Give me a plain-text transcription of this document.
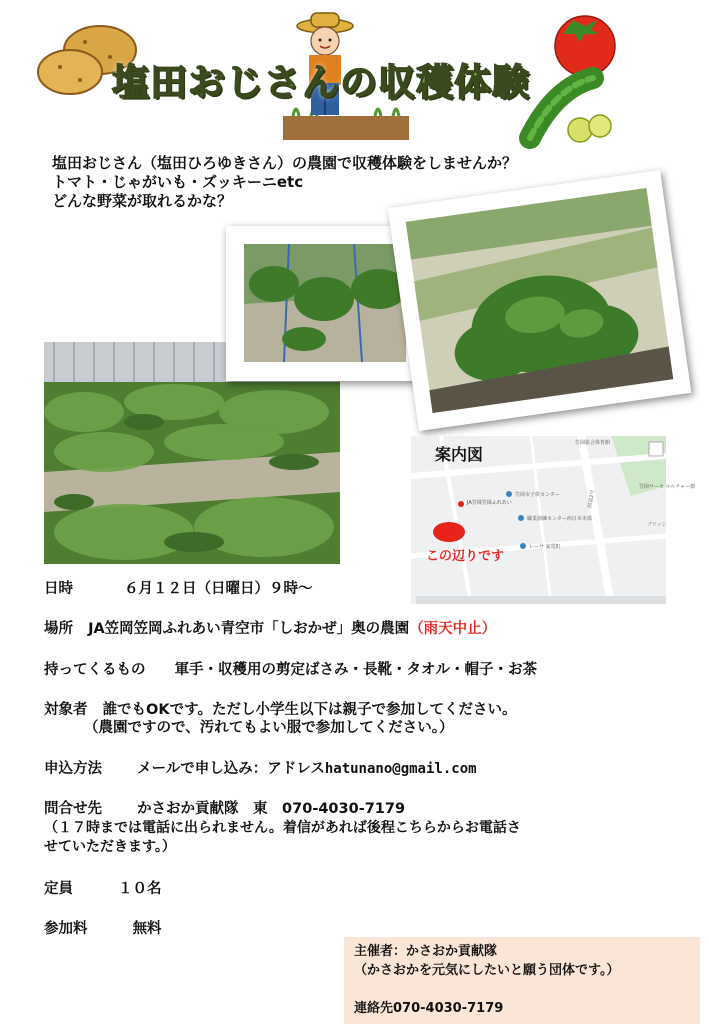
塩田おじさんの収穫体験
塩田おじさん（塩田ひろゆきさん）の農園で収穫体験をしませんか？
トマト・じゃがいも・ズッキーニetc
どんな野菜が取れるかな？
笠岡総合体育館
JA笠岡笠岡ふれあい
笠岡市子供センター
職業訓練センター西日本本部
レーサ 家電町
国道2号
ブリッジ
笠岡サーカ ルルチャー館
案内図
この辺りです
日時	６月１２日（日曜日）９時～
場所 JA笠岡笠岡ふれあい青空市「しおかぜ」奥の農園（雨天中止）
持ってくるもの 軍手・収穫用の剪定ばさみ・長靴・タオル・帽子・お茶
対象者 誰でもOKです。ただし小学生以下は親子で参加してください。
（農園ですので、汚れてもよい服で参加してください。）
申込方法 メールで申し込み：アドレスhatunano@gmail.com
問合せ先 かさおか貢献隊　東　070-4030-7179
（１７時までは電話に出られません。着信があれば後程こちらからお電話さ
せていただきます。）
定員	１０名
参加料	無料
主催者：かさおか貢献隊
（かさおかを元気にしたいと願う団体です。）
連絡先070-4030-7179
